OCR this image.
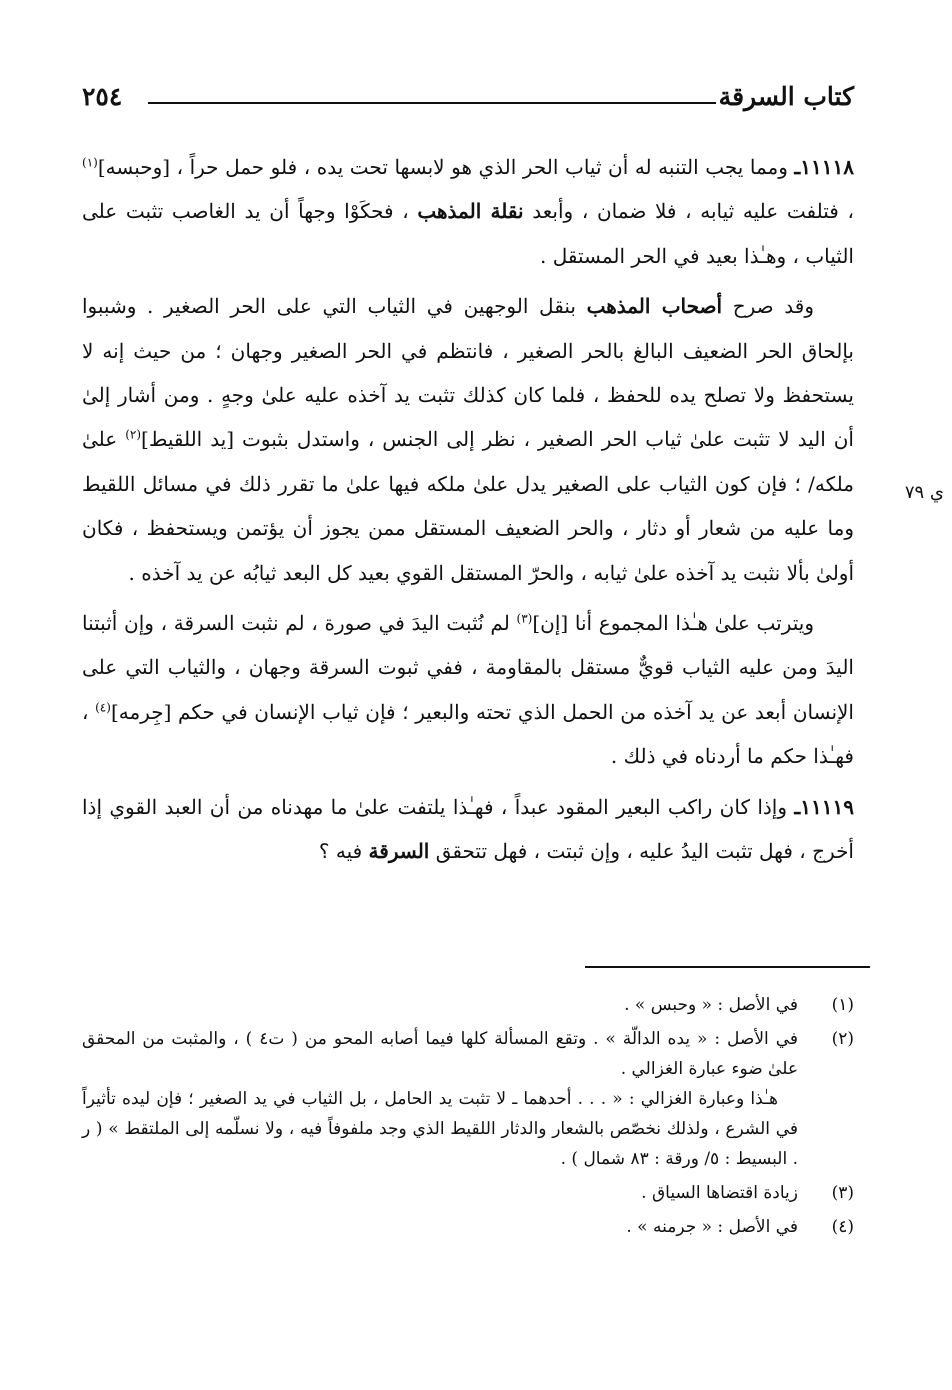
كتاب السرقة
٢٥٤
ي ٧٩

١١١١٨ـ ومما يجب التنبه له أن ثياب الحر الذي هو لابسها تحت يده ، فلو حمل حراً ، [وحبسه]$^{(١)}$ ، فتلفت عليه ثيابه ، فلا ضمان ، وأبعد نقلة المذهب ، فحكَوْا وجهاً أن يد الغاصب تثبت على الثياب ، وهـٰذا بعيد في الحر المستقل .

وقد صرح أصحاب المذهب بنقل الوجهين في الثياب التي على الحر الصغير . وشببوا بإلحاق الحر الضعيف البالغ بالحر الصغير ، فانتظم في الحر الصغير وجهان ؛ من حيث إنه لا يستحفظ ولا تصلح يده للحفظ ، فلما كان كذلك تثبت يد آخذه عليه علىٰ وجهٍ . ومن أشار إلىٰ أن اليد لا تثبت علىٰ ثياب الحر الصغير ، نظر إلى الجنس ، واستدل بثبوت [يد اللقيط]$^{(٢)}$ علىٰ ملكه/ ؛ فإن كون الثياب على الصغير يدل علىٰ ملكه فيها علىٰ ما تقرر ذلك في مسائل اللقيط وما عليه من شعار أو دثار ، والحر الضعيف المستقل ممن يجوز أن يؤتمن ويستحفظ ، فكان أولىٰ بألا نثبت يد آخذه علىٰ ثيابه ، والحرّ المستقل القوي بعيد كل البعد ثيابُه عن يد آخذه .

ويترتب علىٰ هـٰذا المجموع أنا [إن]$^{(٣)}$ لم نُثبت اليدَ في صورة ، لم نثبت السرقة ، وإن أثبتنا اليدَ ومن عليه الثياب قويٌّ مستقل بالمقاومة ، ففي ثبوت السرقة وجهان ، والثياب التي على الإنسان أبعد عن يد آخذه من الحمل الذي تحته والبعير ؛ فإن ثياب الإنسان في حكم [جِرمه]$^{(٤)}$ ، فهـٰذا حكم ما أردناه في ذلك .

١١١١٩ـ وإذا كان راكب البعير المقود عبداً ، فهـٰذا يلتفت علىٰ ما مهدناه من أن العبد القوي إذا أخرج ، فهل تثبت اليدُ عليه ، وإن ثبتت ، فهل تتحقق السرقة فيه ؟

(١)

في الأصل : « وحبس » .

(٢)

في الأصل : « يده الدالّة » . وتقع المسألة كلها فيما أصابه المحو من ( ت٤ ) ، والمثبت من المحقق علىٰ ضوء عبارة الغزالي .

هـٰذا وعبارة الغزالي : « . . . أحدهما ـ لا تثبت يد الحامل ، بل الثياب في يد الصغير ؛ فإن ليده تأثيراً في الشرع ، ولذلك نخصّص بالشعار والدثار اللقيط الذي وجد ملفوفاً فيه ، ولا نسلّمه إلى الملتقط » ( ر . البسيط : ٥/ ورقة : ٨٣ شمال ) .

(٣)

زيادة اقتضاها السياق .

(٤)

في الأصل : « جرمنه » .
